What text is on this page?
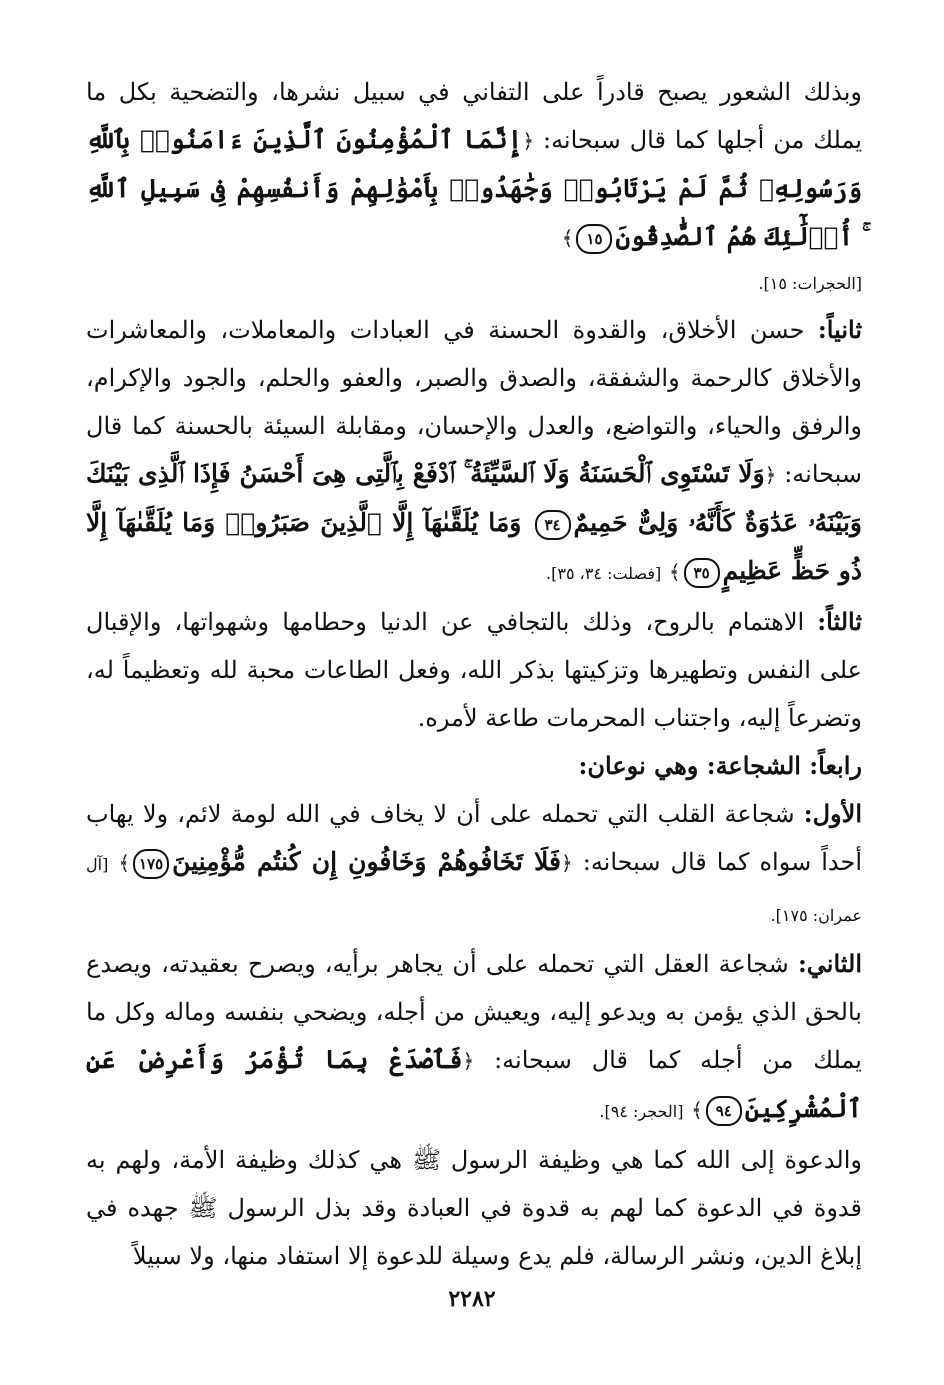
وبذلك الشعور يصبح قادراً على التفاني في سبيل نشرها، والتضحية بكل ما يملك من أجلها كما قال سبحانه: ﴿إِنَّمَا ٱلْمُؤْمِنُونَ ٱلَّذِينَ ءَامَنُوا۟ بِٱللَّهِ وَرَسُولِهِۦ ثُمَّ لَمْ يَرْتَابُوا۟ وَجَٰهَدُوا۟ بِأَمْوَٰلِهِمْ وَأَنفُسِهِمْ فِى سَبِيلِ ٱللَّهِ ۚ أُو۟لَٰٓئِكَ هُمُ ٱلصَّٰدِقُونَ١٥﴾

[الحجرات: ١٥].

ثانياً: حسن الأخلاق، والقدوة الحسنة في العبادات والمعاملات، والمعاشرات والأخلاق كالرحمة والشفقة، والصدق والصبر، والعفو والحلم، والجود والإكرام، والرفق والحياء، والتواضع، والعدل والإحسان، ومقابلة السيئة بالحسنة كما قال سبحانه: ﴿وَلَا تَسْتَوِى ٱلْحَسَنَةُ وَلَا ٱلسَّيِّئَةُ ۚ ٱدْفَعْ بِٱلَّتِى هِىَ أَحْسَنُ فَإِذَا ٱلَّذِى بَيْنَكَ وَبَيْنَهُۥ عَدَٰوَةٌ كَأَنَّهُۥ وَلِىٌّ حَمِيمٌ٣٤ وَمَا يُلَقَّىٰهَآ إِلَّا ٱلَّذِينَ صَبَرُوا۟ وَمَا يُلَقَّىٰهَآ إِلَّا ذُو حَظٍّ عَظِيمٍ٣٥﴾ [فصلت: ٣٤، ٣٥].

ثالثاً: الاهتمام بالروح، وذلك بالتجافي عن الدنيا وحطامها وشهواتها، والإقبال على النفس وتطهيرها وتزكيتها بذكر الله، وفعل الطاعات محبة لله وتعظيماً له، وتضرعاً إليه، واجتناب المحرمات طاعة لأمره.

رابعاً: الشجاعة: وهي نوعان:

الأول: شجاعة القلب التي تحمله على أن لا يخاف في الله لومة لائم، ولا يهاب أحداً سواه كما قال سبحانه: ﴿فَلَا تَخَافُوهُمْ وَخَافُونِ إِن كُنتُم مُّؤْمِنِينَ١٧٥﴾ [آل عمران: ١٧٥].

الثاني: شجاعة العقل التي تحمله على أن يجاهر برأيه، ويصرح بعقيدته، ويصدع بالحق الذي يؤمن به ويدعو إليه، ويعيش من أجله، ويضحي بنفسه وماله وكل ما يملك من أجله كما قال سبحانه: ﴿فَٱصْدَعْ بِمَا تُؤْمَرُ وَأَعْرِضْ عَنِ ٱلْمُشْرِكِينَ٩٤﴾ [الحجر: ٩٤].

والدعوة إلى الله كما هي وظيفة الرسول ﷺ هي كذلك وظيفة الأمة، ولهم به قدوة في الدعوة كما لهم به قدوة في العبادة وقد بذل الرسول ﷺ جهده في إبلاغ الدين، ونشر الرسالة، فلم يدع وسيلة للدعوة إلا استفاد منها، ولا سبيلاً

٢٢٨٢
